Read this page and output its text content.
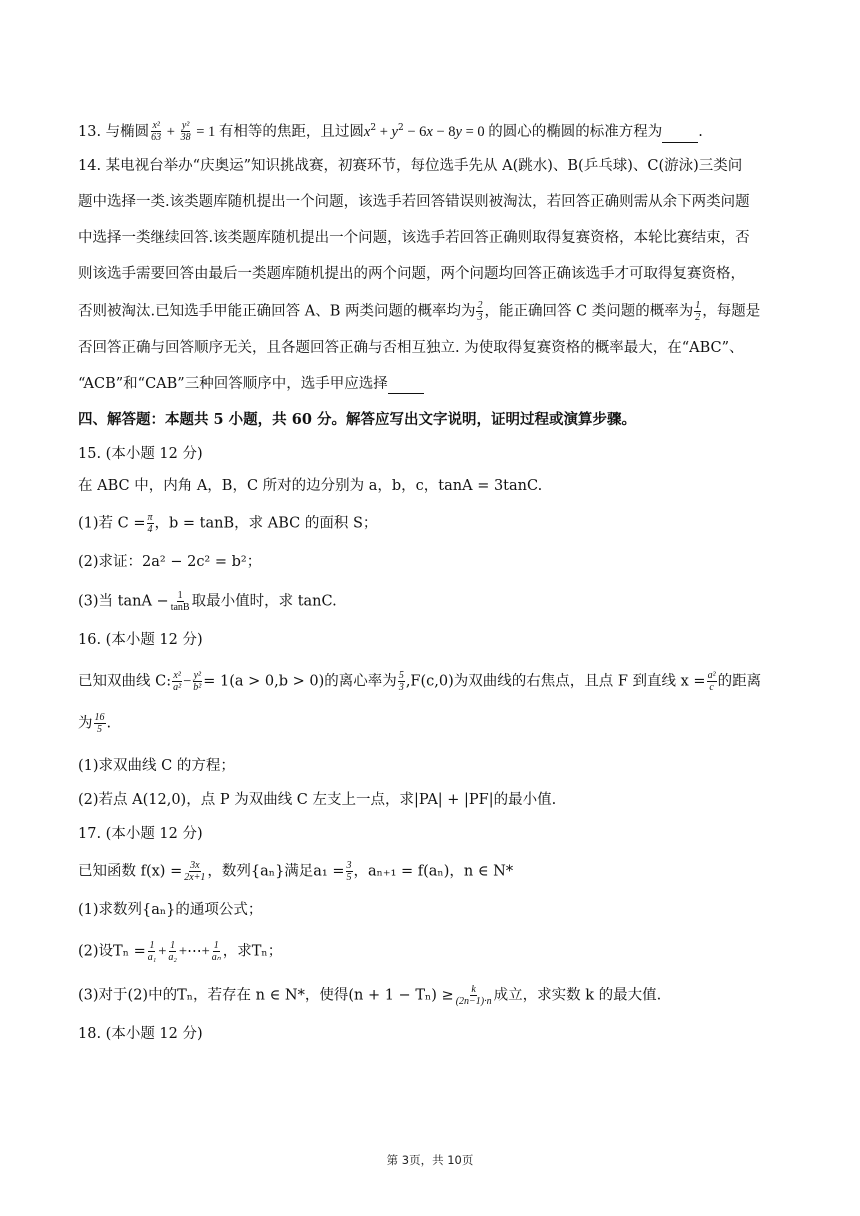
13. 与椭圆 $\frac{\text{x²}}{63} + \frac{\text{y²}}{38} = 1$ 有相等的焦距，且过圆$x^2 + y^2 - 6x - 8y = 0$ 的圆心的椭圆的标准方程为 .
14. 某电视台举办“庆奥运”知识挑战赛，初赛环节，每位选手先从 A(跳水)、B(乒乓球)、C(游泳)三类问
题中选择一类.该类题库随机提出一个问题，该选手若回答错误则被淘汰，若回答正确则需从余下两类问题
中选择一类继续回答.该类题库随机提出一个问题，该选手若回答正确则取得复赛资格，本轮比赛结束，否
则该选手需要回答由最后一类题库随机提出的两个问题，两个问题均回答正确该选手才可取得复赛资格，
否则被淘汰.已知选手甲能正确回答 A、B 两类问题的概率均为 $\frac{2}{3}$ ，能正确回答 C 类问题的概率为 $\frac{1}{2}$ ，每题是
否回答正确与回答顺序无关，且各题回答正确与否相互独立. 为使取得复赛资格的概率最大，在“ABC”、
“ACB”和“CAB”三种回答顺序中，选手甲应选择
四、解答题：本题共 5 小题，共 60 分。解答应写出文字说明，证明过程或演算步骤。
15. (本小题 12 分)
在 ABC 中，内角 A，B，C 所对的边分别为 a，b，c，tanA = 3tanC.
(1)若 $C = \frac{\pi}{4}$ ，b = tanB，求 ABC 的面积 S；
(2)求证：2a² − 2c² = b²；
(3)当 $\tan A - \frac{1}{\tan B}$ 取最小值时，求 tanC.
16. (本小题 12 分)
已知双曲线 C: $\frac{\text{x²}}{\text{a²}} - \frac{\text{y²}}{\text{b²}} = 1(a > 0,b > 0)$的离心率为 $\frac{5}{3} ,F(c,0)$为双曲线的右焦点，且点 F 到直线 $x = \frac{\text{a²}}{c}$ 的距离
为 $\frac{16}{5}$ .
(1)求双曲线 C 的方程；
(2)若点 A(12,0)，点 P 为双曲线 C 左支上一点，求|PA| + |PF|的最小值.
17. (本小题 12 分)
已知函数 $f(x) = \frac{3x}{2x+1}$ ，数列{aₙ}满足$a_1 = \frac{3}{5}$ ，aₙ₊₁ = f(aₙ)，n ∈ N*
(1)求数列{aₙ}的通项公式；
(2)设$T_n = \frac{1}{\text{a₁}} + \frac{1}{\text{a₂}}$ +⋯+ $\frac{1}{\text{aₙ}}$ ，求Tₙ；
(3)对于(2)中的Tₙ，若存在 n ∈ N*，使得$(n + 1 - T_n) \ge \frac{k}{(2n-1)\cdot n}$ 成立，求实数 k 的最大值.
18. (本小题 12 分)
第 3页，共 10页
